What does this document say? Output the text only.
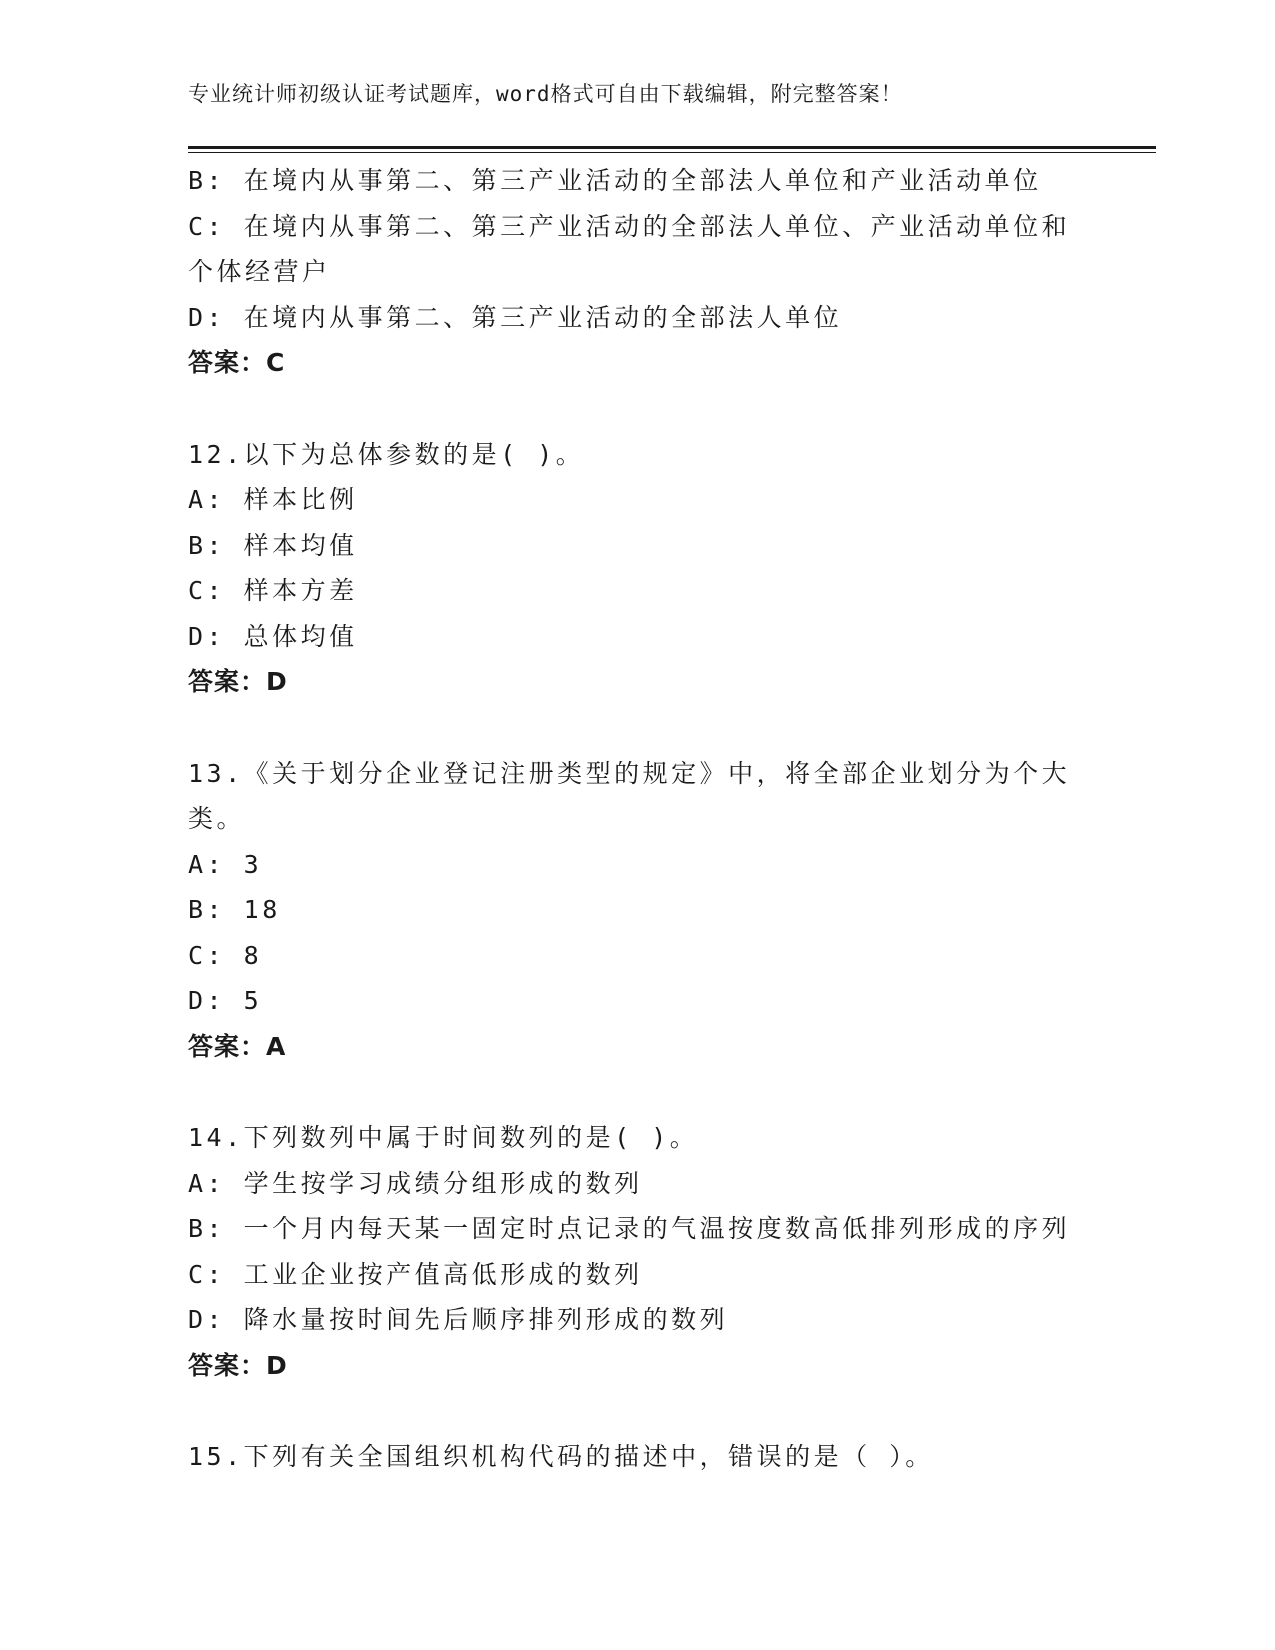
专业统计师初级认证考试题库，word格式可自由下载编辑，附完整答案！

B: 在境内从事第二、第三产业活动的全部法人单位和产业活动单位

C: 在境内从事第二、第三产业活动的全部法人单位、产业活动单位和

个体经营户

D: 在境内从事第二、第三产业活动的全部法人单位

答案：C

12.以下为总体参数的是( )。

A: 样本比例

B: 样本均值

C: 样本方差

D: 总体均值

答案：D

13.《关于划分企业登记注册类型的规定》中，将全部企业划分为个大

类。

A: 3

B: 18

C: 8

D: 5

答案：A

14.下列数列中属于时间数列的是( )。

A: 学生按学习成绩分组形成的数列

B: 一个月内每天某一固定时点记录的气温按度数高低排列形成的序列

C: 工业企业按产值高低形成的数列

D: 降水量按时间先后顺序排列形成的数列

答案：D

15.下列有关全国组织机构代码的描述中，错误的是（ ）。
